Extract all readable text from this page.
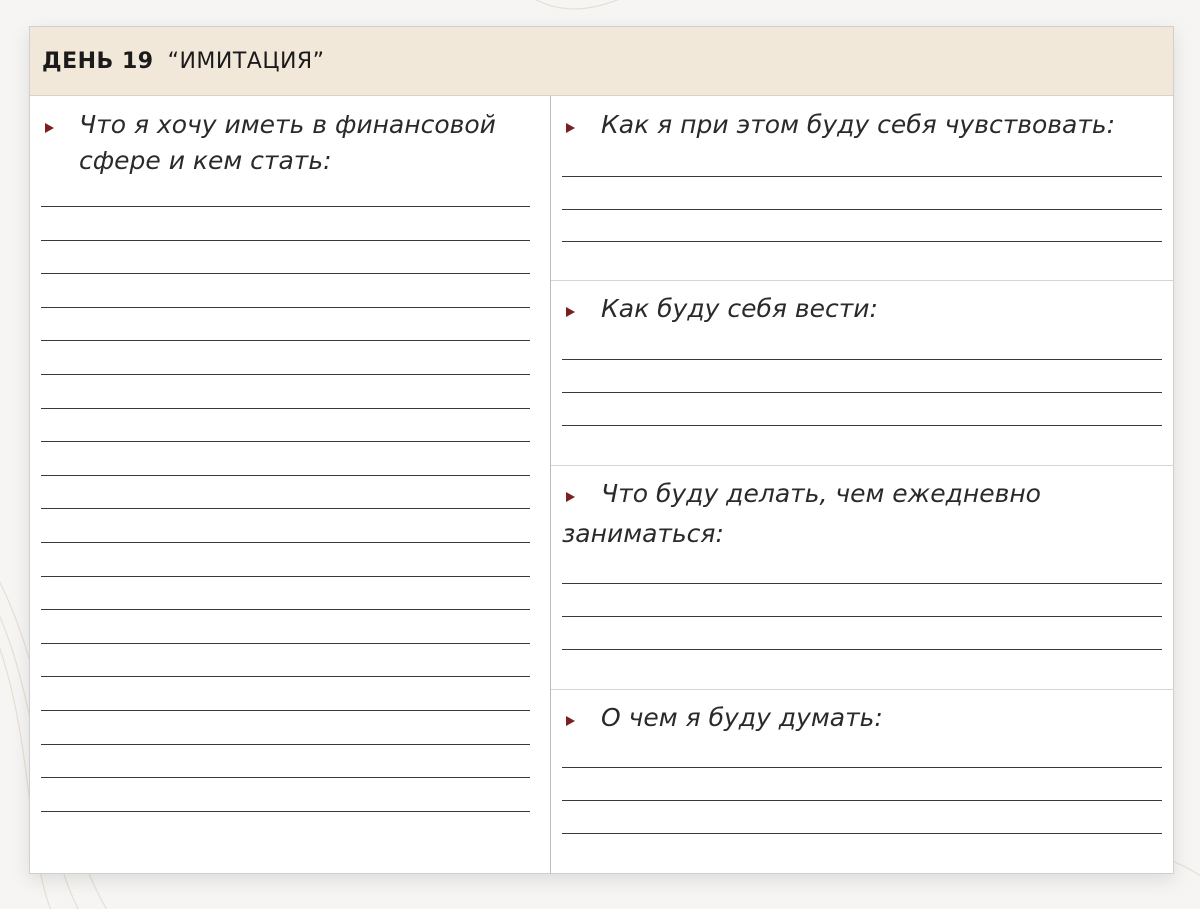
ДЕНЬ 19 “ИМИТАЦИЯ”
Что я хочу иметь в финансовой сфере и кем стать:
Как я при этом буду себя чувствовать:
Как буду себя вести:
Что буду делать, чем ежедневно
заниматься:
О чем я буду думать:
